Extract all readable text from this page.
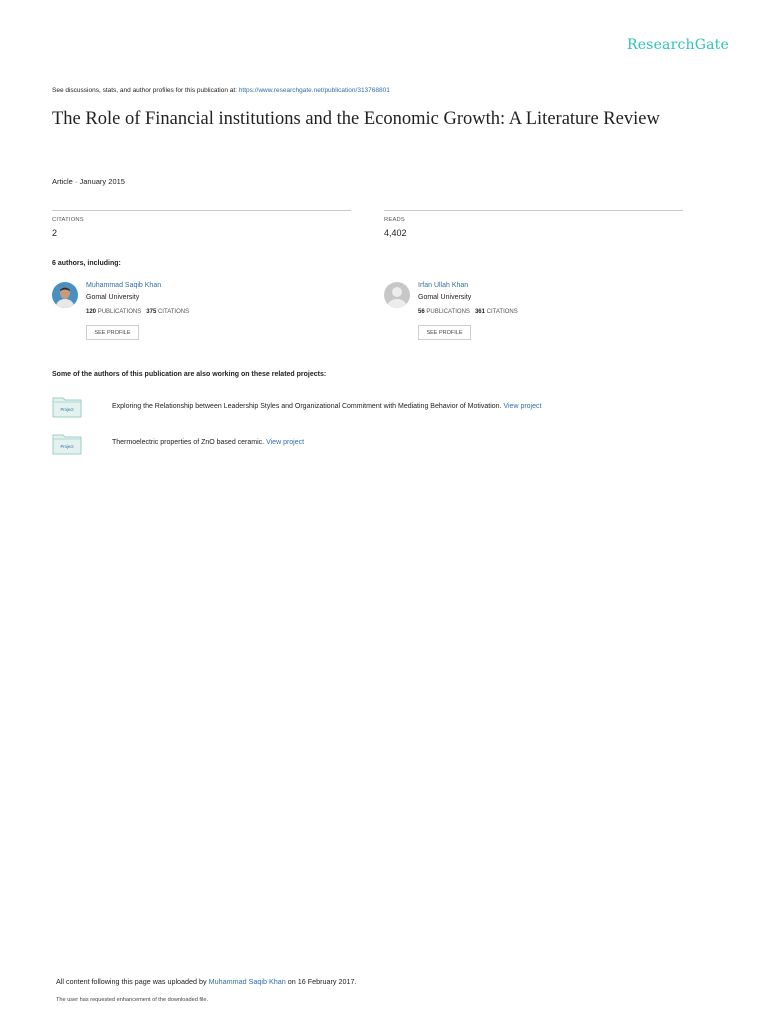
ResearchGate
See discussions, stats, and author profiles for this publication at: https://www.researchgate.net/publication/313768801
The Role of Financial institutions and the Economic Growth: A Literature Review
Article · January 2015
CITATIONS
2
READS
4,402
6 authors, including:
Muhammad Saqib Khan
Gomal University
120 PUBLICATIONS 375 CITATIONS
SEE PROFILE
Irfan Ullah Khan
Gomal University
56 PUBLICATIONS 361 CITATIONS
SEE PROFILE
Some of the authors of this publication are also working on these related projects:
Project	Exploring the Relationship between Leadership Styles and Organizational Commitment with Mediating Behavior of Motivation. View project
Project
Thermoelectric properties of ZnO based ceramic. View project
All content following this page was uploaded by Muhammad Saqib Khan on 16 February 2017.
The user has requested enhancement of the downloaded file.
